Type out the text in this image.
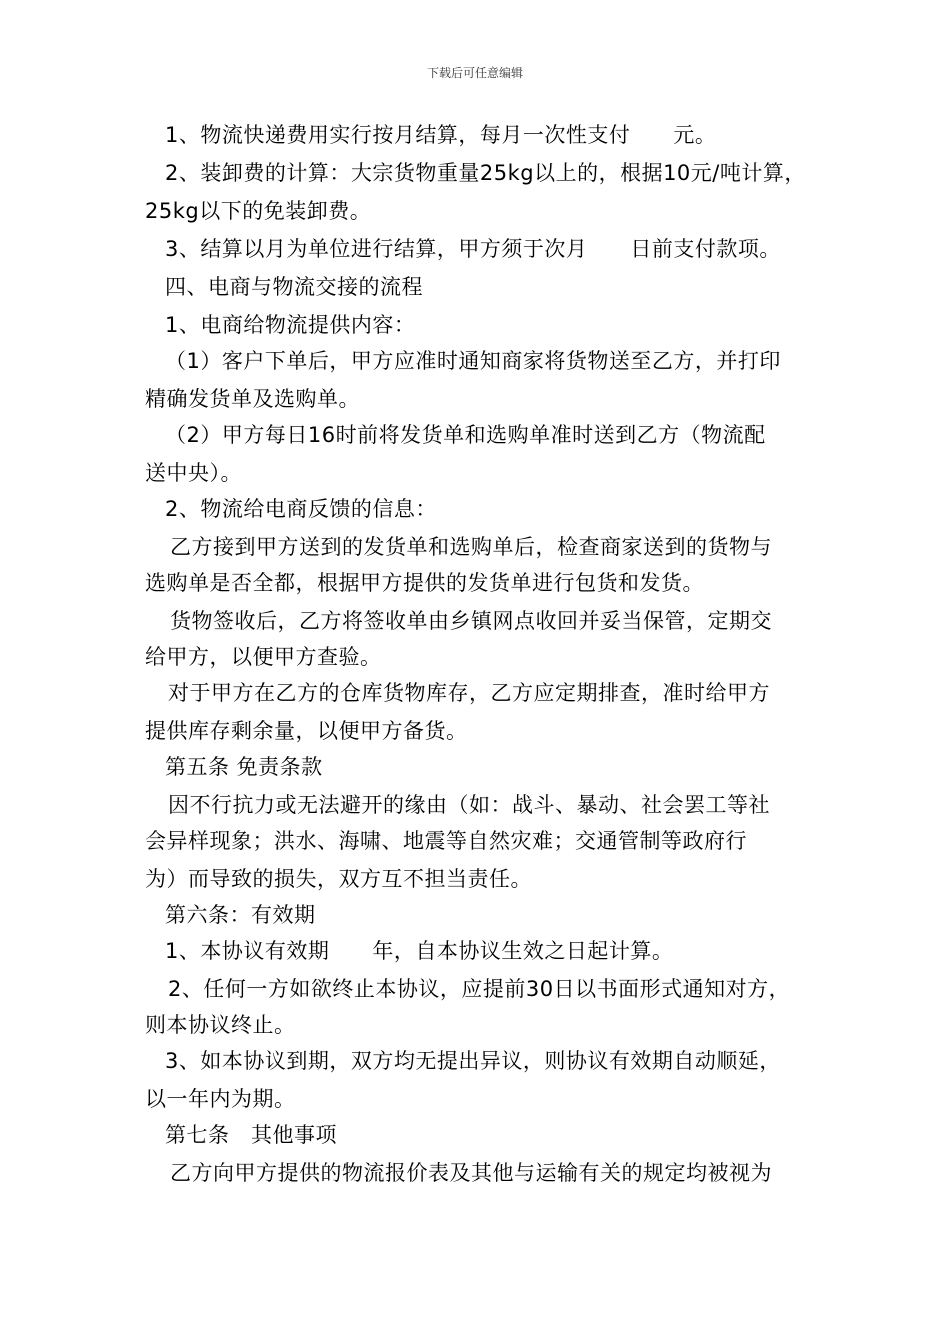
下载后可任意编辑
1、物流快递费用实行按月结算，每月一次性支付　　元。
2、装卸费的计算：大宗货物重量25kg以上的，根据10元/吨计算，
25kg以下的免装卸费。
3、结算以月为单位进行结算，甲方须于次月　　日前支付款项。
四、电商与物流交接的流程
1、电商给物流提供内容：
（1）客户下单后，甲方应准时通知商家将货物送至乙方，并打印
精确发货单及选购单。
（2）甲方每日16时前将发货单和选购单准时送到乙方（物流配
送中央）。
2、物流给电商反馈的信息：
乙方接到甲方送到的发货单和选购单后，检查商家送到的货物与
选购单是否全都，根据甲方提供的发货单进行包货和发货。
货物签收后，乙方将签收单由乡镇网点收回并妥当保管，定期交
给甲方，以便甲方查验。
对于甲方在乙方的仓库货物库存，乙方应定期排查，准时给甲方
提供库存剩余量，以便甲方备货。
第五条 免责条款
因不行抗力或无法避开的缘由（如：战斗、暴动、社会罢工等社
会异样现象；洪水、海啸、地震等自然灾难；交通管制等政府行
为）而导致的损失，双方互不担当责任。
第六条：有效期
1、本协议有效期　　年，自本协议生效之日起计算。
2、任何一方如欲终止本协议，应提前30日以书面形式通知对方，
则本协议终止。
3、如本协议到期，双方均无提出异议，则协议有效期自动顺延，
以一年内为期。
第七条　其他事项
乙方向甲方提供的物流报价表及其他与运输有关的规定均被视为
